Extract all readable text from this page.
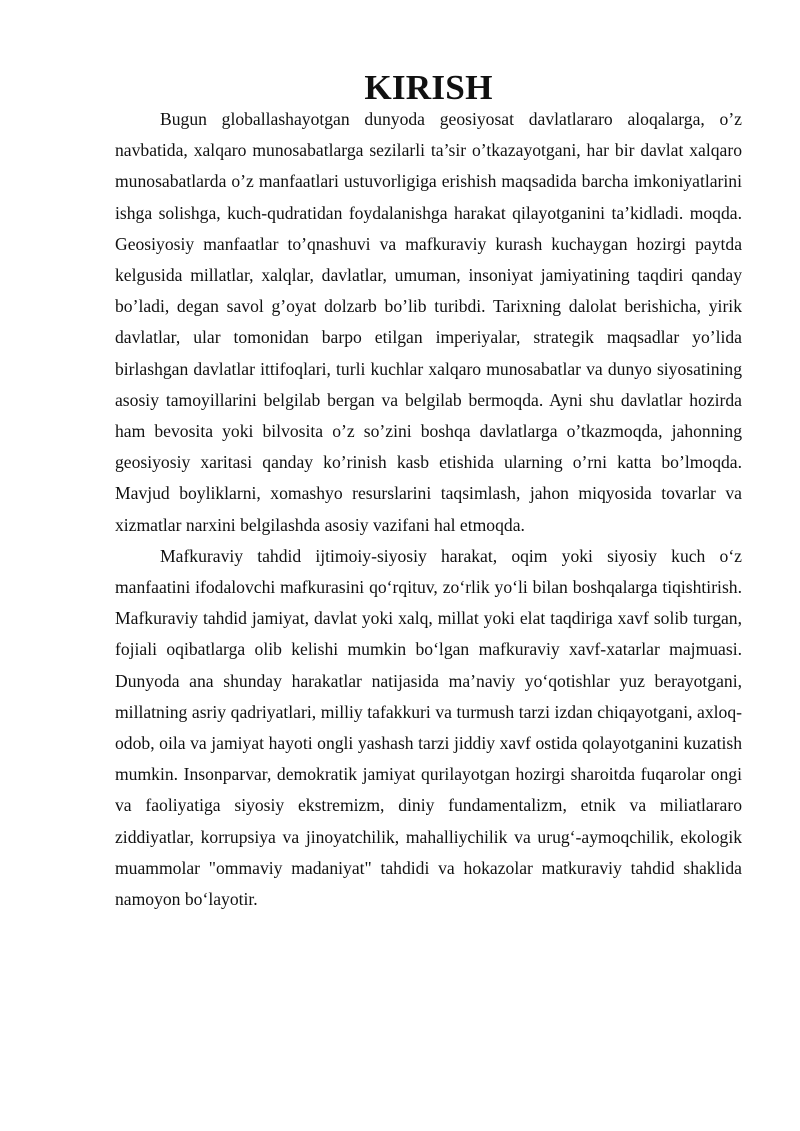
KIRISH

Bugun globallashayotgan dunyoda geosiyosat davlatlararo aloqalarga, o’z navbatida, xalqaro munosabatlarga sezilarli ta’sir o’tkazayotgani, har bir davlat xalqaro munosabatlarda o’z manfaatlari ustuvorligiga erishish maqsadida barcha imkoniyatlarini ishga solishga, kuch-qudratidan foydalanishga harakat qilayotganini ta’kidladi. moqda. Geosiyosiy manfaatlar to’qnashuvi va mafkuraviy kurash kuchaygan hozirgi paytda kelgusida millatlar, xalqlar, davlatlar, umuman, insoniyat jamiyatining taqdiri qanday bo’ladi, degan savol g’oyat dolzarb bo’lib turibdi. Tarixning dalolat berishicha, yirik davlatlar, ular tomonidan barpo etilgan imperiyalar, strategik maqsadlar yo’lida birlashgan davlatlar ittifoqlari, turli kuchlar xalqaro munosabatlar va dunyo siyosatining asosiy tamoyillarini belgilab bergan va belgilab bermoqda. Ayni shu davlatlar hozirda ham bevosita yoki bilvosita o’z so’zini boshqa davlatlarga o’tkazmoqda, jahonning geosiyosiy xaritasi qanday ko’rinish kasb etishida ularning o’rni katta bo’lmoqda. Mavjud boyliklarni, xomashyo resurslarini taqsimlash, jahon miqyosida tovarlar va xizmatlar narxini belgilashda asosiy vazifani hal etmoqda.

Mafkuraviy tahdid ijtimoiy-siyosiy harakat, oqim yoki siyosiy kuch o‘z manfaatini ifodalovchi mafkurasini qo‘rqituv, zo‘rlik yo‘li bilan boshqalarga tiqishtirish. Mafkuraviy tahdid jamiyat, davlat yoki xalq, millat yoki elat taqdiriga xavf solib turgan, fojiali oqibatlarga olib kelishi mumkin bo‘lgan mafkuraviy xavf-xatarlar majmuasi. Dunyoda ana shunday harakatlar natijasida ma’naviy yo‘qotishlar yuz berayotgani, millatning asriy qadriyatlari, milliy tafakkuri va turmush tarzi izdan chiqayotgani, axloq-odob, oila va jamiyat hayoti ongli yashash tarzi jiddiy xavf ostida qolayotganini kuzatish mumkin. Insonparvar, demokratik jamiyat qurilayotgan hozirgi sharoitda fuqarolar ongi va faoliyatiga siyosiy ekstremizm, diniy fundamentalizm, etnik va miliatlararo ziddiyatlar, korrupsiya va jinoyatchilik, mahalliychilik va urug‘-aymoqchilik, ekologik muammolar "ommaviy madaniyat" tahdidi va hokazolar matkuraviy tahdid shaklida namoyon bo‘layotir.
